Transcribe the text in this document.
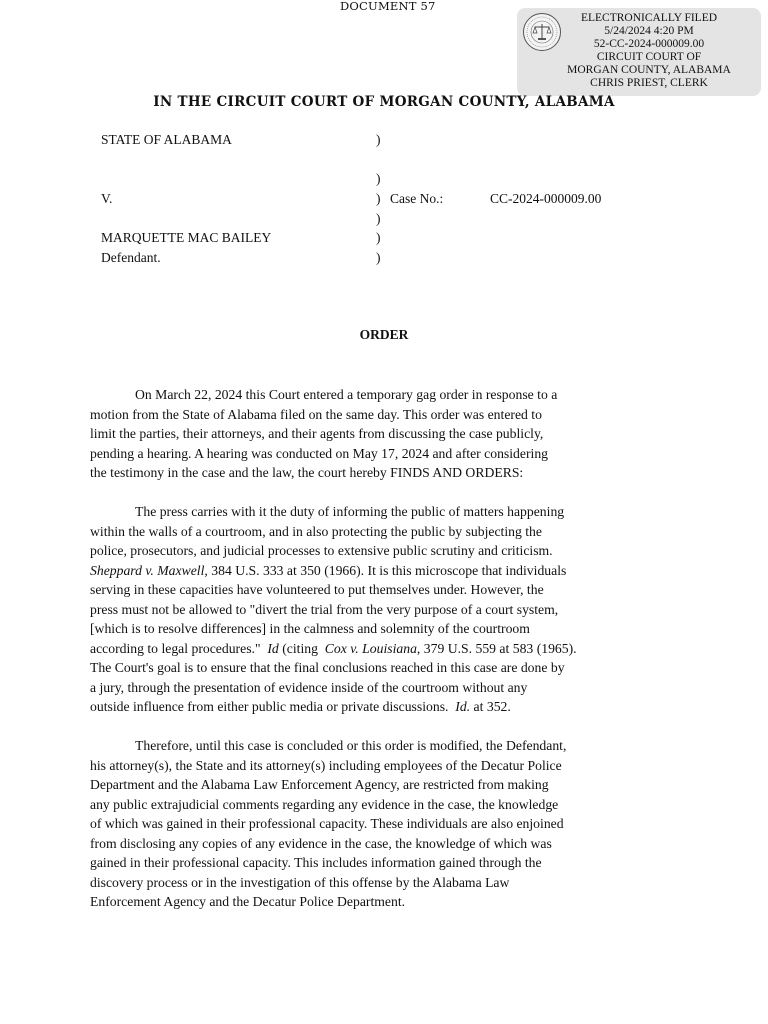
DOCUMENT 57
ELECTRONICALLY FILED
5/24/2024 4:20 PM
52-CC-2024-000009.00
CIRCUIT COURT OF
MORGAN COUNTY, ALABAMA
CHRIS PRIEST, CLERK
IN THE CIRCUIT COURT OF MORGAN COUNTY, ALABAMA
STATE OF ALABAMA	)
)
V.	) Case No.:	CC-2024-000009.00
)
MARQUETTE MAC BAILEY	)
Defendant.	)
ORDER

On March 22, 2024 this Court entered a temporary gag order in response to a
motion from the State of Alabama filed on the same day. This order was entered to
limit the parties, their attorneys, and their agents from discussing the case publicly,
pending a hearing. A hearing was conducted on May 17, 2024 and after considering
the testimony in the case and the law, the court hereby FINDS AND ORDERS:

The press carries with it the duty of informing the public of matters happening
within the walls of a courtroom, and in also protecting the public by subjecting the
police, prosecutors, and judicial processes to extensive public scrutiny and criticism.
Sheppard v. Maxwell, 384 U.S. 333 at 350 (1966). It is this microscope that individuals
serving in these capacities have volunteered to put themselves under. However, the
press must not be allowed to "divert the trial from the very purpose of a court system,
[which is to resolve differences] in the calmness and solemnity of the courtroom
according to legal procedures."  Id (citing  Cox v. Louisiana, 379 U.S. 559 at 583 (1965).
The Court's goal is to ensure that the final conclusions reached in this case are done by
a jury, through the presentation of evidence inside of the courtroom without any
outside influence from either public media or private discussions.  Id. at 352.

Therefore, until this case is concluded or this order is modified, the Defendant,
his attorney(s), the State and its attorney(s) including employees of the Decatur Police
Department and the Alabama Law Enforcement Agency, are restricted from making
any public extrajudicial comments regarding any evidence in the case, the knowledge
of which was gained in their professional capacity. These individuals are also enjoined
from disclosing any copies of any evidence in the case, the knowledge of which was
gained in their professional capacity. This includes information gained through the
discovery process or in the investigation of this offense by the Alabama Law
Enforcement Agency and the Decatur Police Department.
